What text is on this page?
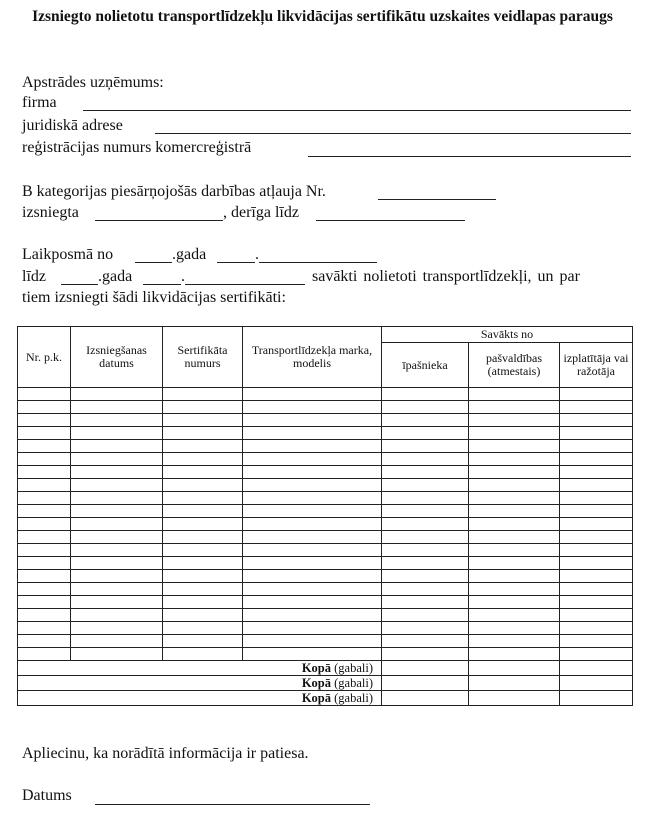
Izsniegto nolietotu transportlīdzekļu likvidācijas sertifikātu uzskaites veidlapas paraugs
Apstrādes uzņēmums:
firma
juridiskā adrese
reģistrācijas numurs komercreģistrā
B kategorijas piesārņojošās darbības atļauja Nr.
izsniegta	, derīga līdz
Laikposmā no	.gada	.
līdz	.gada	.	savākti nolietoti transportlīdzekļi, un par
tiem izsniegti šādi likvidācijas sertifikāti:
Nr. p.k.	Izsniegšanas datums	Sertifikāta numurs	Transportlīdzekļa marka, modelis	Savākts no		
				īpašnieka	pašvaldības (atmestais)	izplatītāja vai ražotāja

Kopā (gabali)						
Kopā (gabali)						
Kopā (gabali)						
Apliecinu, ka norādītā informācija ir patiesa.
Datums
